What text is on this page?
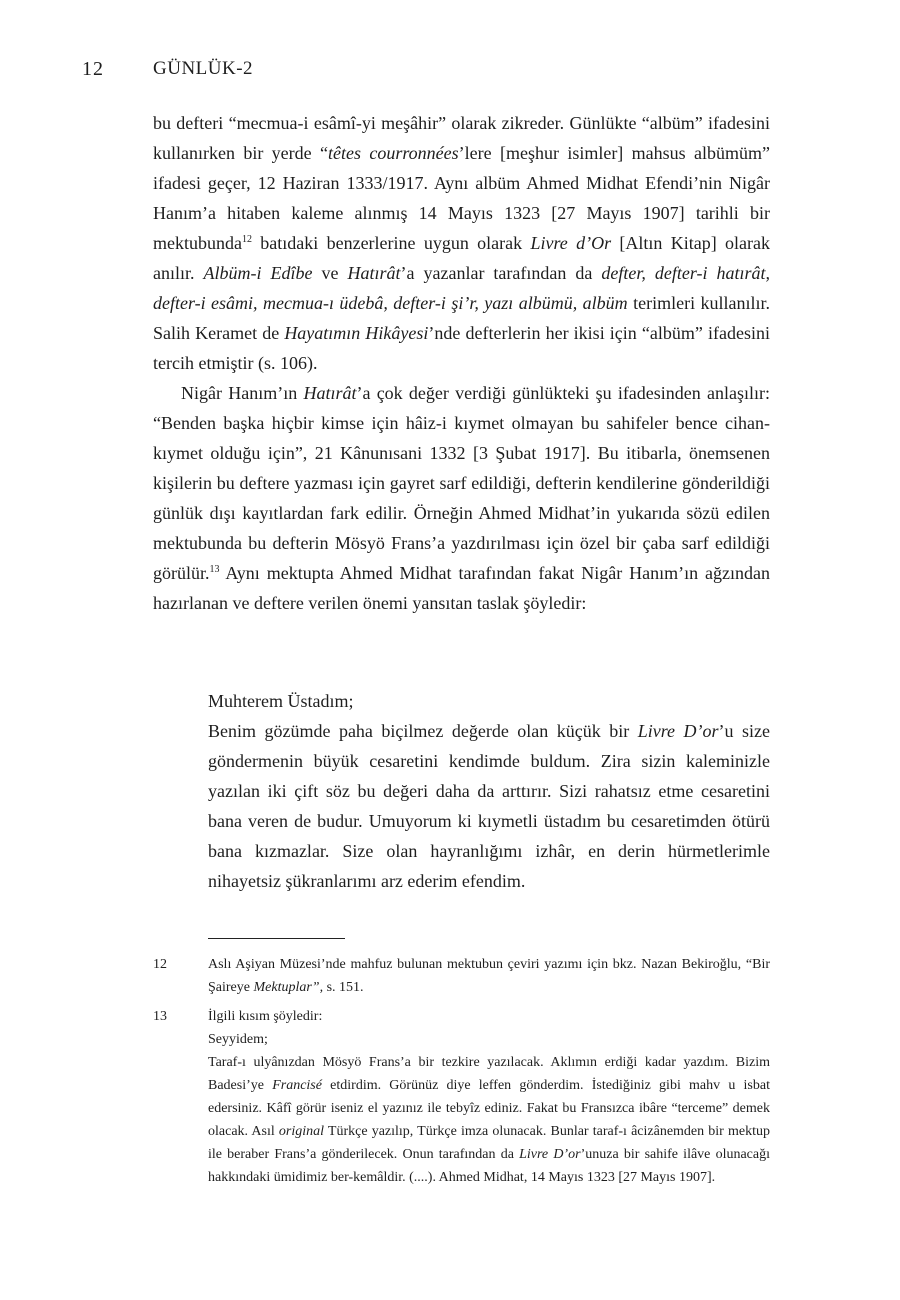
12	GÜNLÜK-2

bu defteri “mecmua-i esâmî-yi meşâhir” olarak zikreder. Günlükte “albüm” ifadesini kullanırken bir yerde “têtes courronnées’lere [meşhur isimler] mahsus albümüm” ifadesi geçer, 12 Haziran 1333/1917. Aynı albüm Ahmed Midhat Efendi’nin Nigâr Hanım’a hitaben kaleme alınmış 14 Mayıs 1323 [27 Mayıs 1907] tarihli bir mektubunda$^{12}$ batıdaki benzerlerine uygun olarak Livre d’Or [Altın Kitap] olarak anılır. Albüm-i Edîbe ve Hatırât’a yazanlar tarafından da defter, defter-i hatırât, defter-i esâmi, mecmua-ı üdebâ, defter-i şi’r, yazı albümü, albüm terimleri kullanılır. Salih Keramet de Hayatımın Hikâyesi’nde defterlerin her ikisi için “albüm” ifadesini tercih etmiştir (s. 106).

Nigâr Hanım’ın Hatırât’a çok değer verdiği günlükteki şu ifadesinden anlaşılır: “Benden başka hiçbir kimse için hâiz-i kıymet olmayan bu sahifeler bence cihan-kıymet olduğu için”, 21 Kânunısani 1332 [3 Şubat 1917]. Bu itibarla, önemsenen kişilerin bu deftere yazması için gayret sarf edildiği, defterin kendilerine gönderildiği günlük dışı kayıtlardan fark edilir. Örneğin Ahmed Midhat’in yukarıda sözü edilen mektubunda bu defterin Mösyö Frans’a yazdırılması için özel bir çaba sarf edildiği görülür.$^{13}$ Aynı mektupta Ahmed Midhat tarafından fakat Nigâr Hanım’ın ağzından hazırlanan ve deftere verilen önemi yansıtan taslak şöyledir:

Muhterem Üstadım;

Benim gözümde paha biçilmez değerde olan küçük bir Livre D’or’u size göndermenin büyük cesaretini kendimde buldum. Zira sizin kaleminizle yazılan iki çift söz bu değeri daha da arttırır. Sizi rahatsız etme cesaretini bana veren de budur. Umuyorum ki kıymetli üstadım bu cesaretimden ötürü bana kızmazlar. Size olan hayranlığımı izhâr, en derin hürmetlerimle nihayetsiz şükranlarımı arz ederim efendim.

12	Aslı Aşiyan Müzesi’nde mahfuz bulunan mektubun çeviri yazımı için bkz. Nazan Bekiroğlu, “Bir Şaireye Mektuplar”, s. 151.

13	İlgili kısım şöyledir:

Seyyidem;

Taraf-ı ulyânızdan Mösyö Frans’a bir tezkire yazılacak. Aklımın erdiği kadar yazdım. Bizim Badesi’ye Francisé etdirdim. Görünüz diye leffen gönderdim. İstediğiniz gibi mahv u isbat edersiniz. Kâfî görür iseniz el yazınız ile tebyîz ediniz. Fakat bu Fransızca ibâre “terceme” demek olacak. Asıl original Türkçe yazılıp, Türkçe imza olunacak. Bunlar taraf-ı âcizânemden bir mektup ile beraber Frans’a gönderilecek. Onun tarafından da Livre D’or’unuza bir sahife ilâve olunacağı hakkındaki ümidimiz ber-kemâldir. (....). Ahmed Midhat, 14 Mayıs 1323 [27 Mayıs 1907].
